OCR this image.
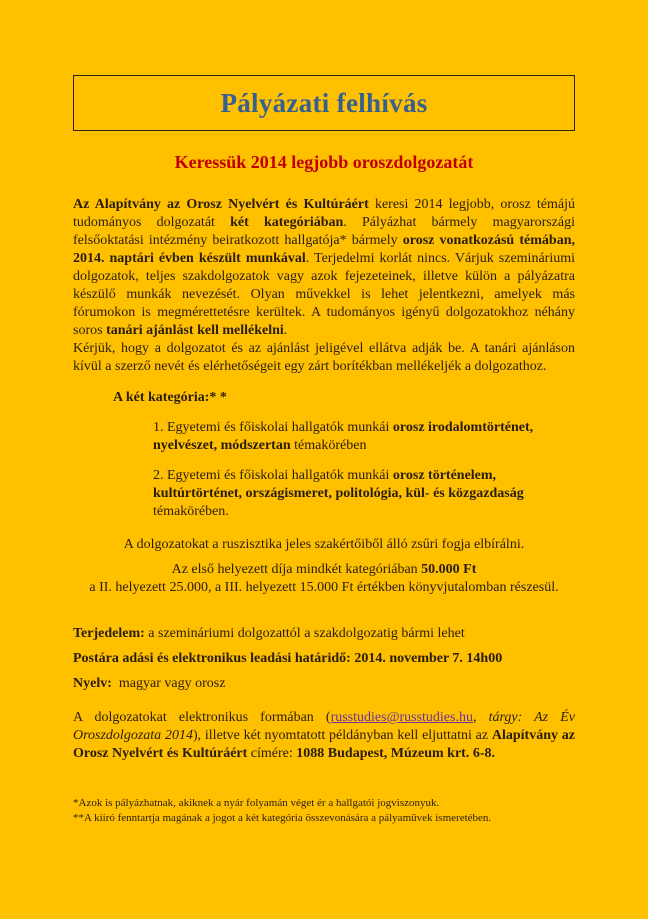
Pályázati felhívás
Keressük 2014 legjobb oroszdolgozatát

Az Alapítvány az Orosz Nyelvért és Kultúráért keresi 2014 legjobb, orosz témájú tudományos dolgozatát két kategóriában. Pályázhat bármely magyarországi felsőoktatási intézmény beiratkozott hallgatója* bármely orosz vonatkozású témában, 2014. naptári évben készült munkával. Terjedelmi korlát nincs. Várjuk szemináriumi dolgozatok, teljes szakdolgozatok vagy azok fejezeteinek, illetve külön a pályázatra készülő munkák nevezését. Olyan művekkel is lehet jelentkezni, amelyek más fórumokon is megmérettetésre kerültek. A tudományos igényű dolgozatokhoz néhány soros tanári ajánlást kell mellékelni.

Kérjük, hogy a dolgozatot és az ajánlást jeligével ellátva adják be. A tanári ajánláson kívül a szerző nevét és elérhetőségeit egy zárt borítékban mellékeljék a dolgozathoz.

A két kategória:* *
1. Egyetemi és főiskolai hallgatók munkái orosz irodalomtörténet, nyelvészet, módszertan témakörében
2. Egyetemi és főiskolai hallgatók munkái orosz történelem, kultúrtörténet, országismeret, politológia, kül- és közgazdaság témakörében.
A dolgozatokat a ruszisztika jeles szakértőiből álló zsűri fogja elbírálni.
Az első helyezett díja mindkét kategóriában 50.000 Ft
a II. helyezett 25.000, a III. helyezett 15.000 Ft értékben könyvjutalomban részesül.

Terjedelem: a szemináriumi dolgozattól a szakdolgozatig bármi lehet

Postára adási és elektronikus leadási határidő: 2014. november 7. 14h00

Nyelv:  magyar vagy orosz

A dolgozatokat elektronikus formában (russtudies@russtudies.hu, tárgy: Az Év Oroszdolgozata 2014), illetve két nyomtatott példányban kell eljuttatni az Alapítvány az Orosz Nyelvért és Kultúráért címére: 1088 Budapest, Múzeum krt. 6-8.

*Azok is pályázhatnak, akiknek a nyár folyamán véget ér a hallgatói jogviszonyuk.
**A kiíró fenntartja magának a jogot a két kategória összevonására a pályaművek ismeretében.
